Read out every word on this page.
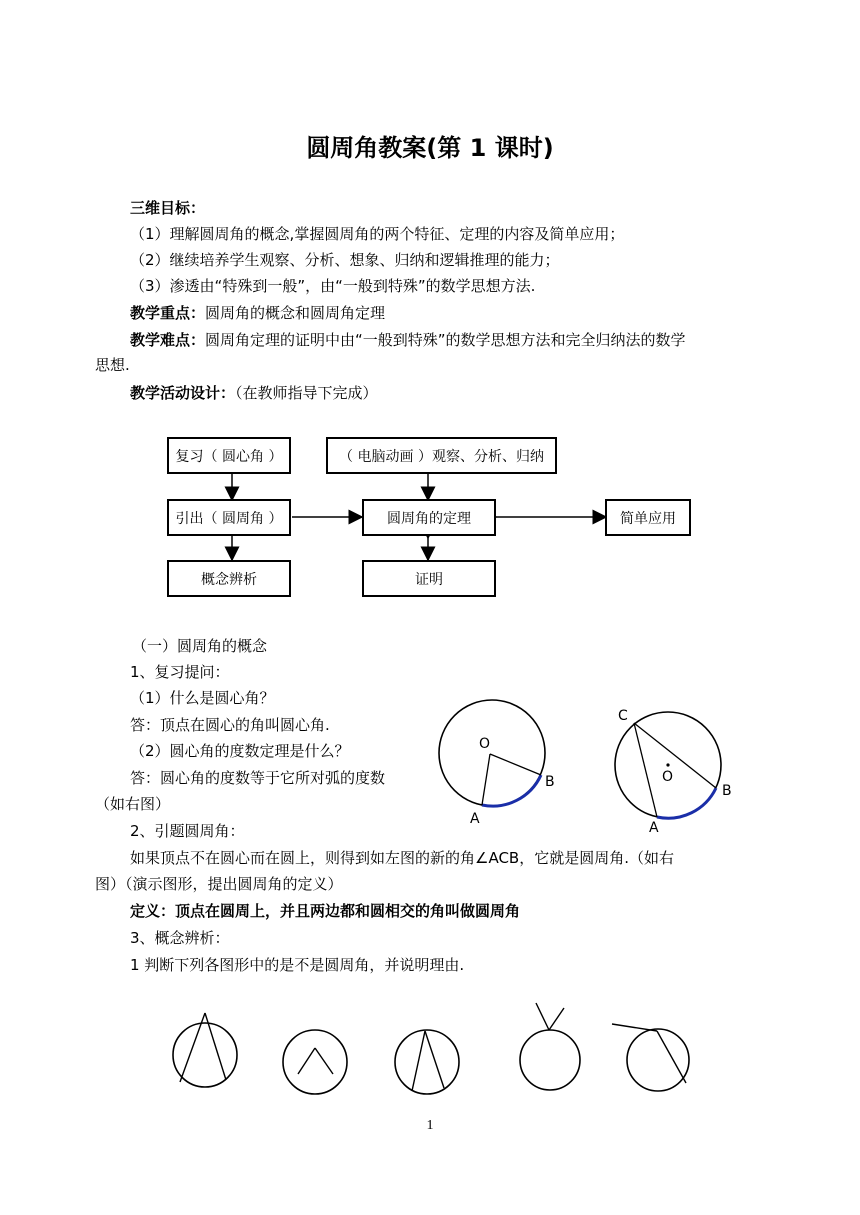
圆周角教案(第 1 课时)
三维目标：
（1）理解圆周角的概念,掌握圆周角的两个特征、定理的内容及简单应用；
（2）继续培养学生观察、分析、想象、归纳和逻辑推理的能力；
（3）渗透由“特殊到一般”，由“一般到特殊”的数学思想方法.
教学重点：圆周角的概念和圆周角定理
教学难点：圆周角定理的证明中由“一般到特殊”的数学思想方法和完全归纳法的数学
思想.
教学活动设计：（在教师指导下完成）
复习（ 圆心角 ）	（ 电脑动画 ）观察、分析、归纳
引出（ 圆周角 ）	圆周角的定理	简单应用
概念辨析	证明
（一）圆周角的概念
1、复习提问：
（1）什么是圆心角？
答：顶点在圆心的角叫圆心角.
（2）圆心角的度数定理是什么？
答：圆心角的度数等于它所对弧的度数
（如右图）
2、引题圆周角：
如果顶点不在圆心而在圆上，则得到如左图的新的角∠ACB，它就是圆周角.（如右
图）（演示图形，提出圆周角的定义）
定义：顶点在圆周上，并且两边都和圆相交的角叫做圆周角
3、概念辨析：
1 判断下列各图形中的是不是圆周角，并说明理由.
O
B
A
C
O
B
A
1
